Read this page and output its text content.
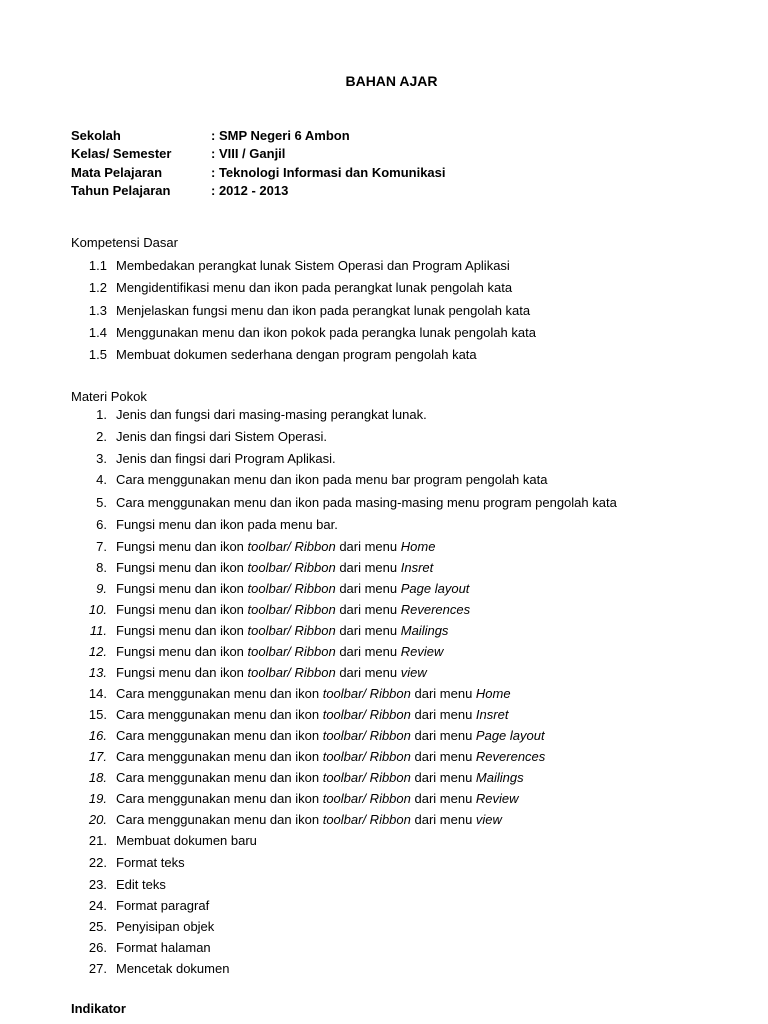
BAHAN AJAR
Sekolah	: SMP Negeri 6 Ambon
Kelas/ Semester	: VIII / Ganjil
Mata Pelajaran	: Teknologi Informasi dan Komunikasi
Tahun Pelajaran	: 2012 - 2013
Kompetensi Dasar
1.1 Membedakan perangkat lunak Sistem Operasi dan Program Aplikasi
1.2 Mengidentifikasi menu dan ikon pada perangkat lunak pengolah kata
1.3 Menjelaskan fungsi menu dan ikon pada perangkat lunak pengolah kata
1.4 Menggunakan menu dan ikon pokok pada perangka lunak pengolah kata
1.5 Membuat dokumen sederhana dengan program pengolah kata
Materi Pokok
1. Jenis dan fungsi dari masing-masing perangkat lunak.
2. Jenis dan fingsi dari Sistem Operasi.
3. Jenis dan fingsi dari Program Aplikasi.
4. Cara menggunakan menu dan ikon pada menu bar program pengolah kata
5. Cara menggunakan menu dan ikon pada masing-masing menu program pengolah kata
6. Fungsi menu dan ikon pada menu bar.
7. Fungsi menu dan ikon toolbar/ Ribbon dari menu Home
8. Fungsi menu dan ikon toolbar/ Ribbon dari menu Insret
9. Fungsi menu dan ikon toolbar/ Ribbon dari menu Page layout
10. Fungsi menu dan ikon toolbar/ Ribbon dari menu Reverences
11. Fungsi menu dan ikon toolbar/ Ribbon dari menu Mailings
12. Fungsi menu dan ikon toolbar/ Ribbon dari menu Review
13. Fungsi menu dan ikon toolbar/ Ribbon dari menu view
14. Cara menggunakan menu dan ikon toolbar/ Ribbon dari menu Home
15. Cara menggunakan menu dan ikon toolbar/ Ribbon dari menu Insret
16. Cara menggunakan menu dan ikon toolbar/ Ribbon dari menu Page layout
17. Cara menggunakan menu dan ikon toolbar/ Ribbon dari menu Reverences
18. Cara menggunakan menu dan ikon toolbar/ Ribbon dari menu Mailings
19. Cara menggunakan menu dan ikon toolbar/ Ribbon dari menu Review
20. Cara menggunakan menu dan ikon toolbar/ Ribbon dari menu view
21. Membuat dokumen baru
22. Format teks
23. Edit teks
24. Format paragraf
25. Penyisipan objek
26. Format halaman
27. Mencetak dokumen
Indikator
